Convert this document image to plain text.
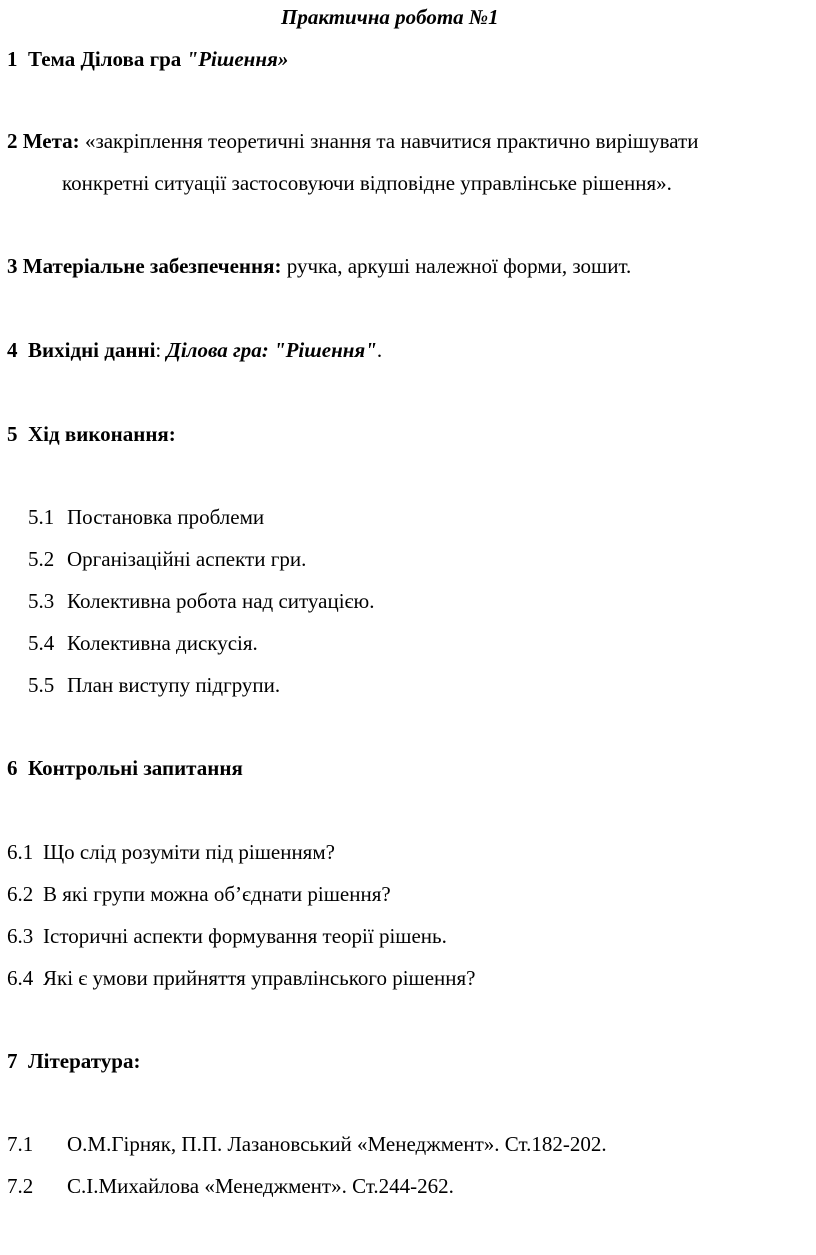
Практична робота №1
1 Тема Ділова гра "Рішення»
2 Мета: «закріплення теоретичні знання та навчитися практично вирішувати
конкретні ситуації застосовуючи відповідне управлінське рішення».
3 Матеріальне забезпечення: ручка, аркуші належної форми, зошит.
4 Вихідні данні: Ділова гра: "Рішення".
5 Хід виконання:
5.1 Постановка проблеми
5.2 Організаційні аспекти гри.
5.3 Колективна робота над ситуацією.
5.4 Колективна дискусія.
5.5 План виступу підгрупи.
6 Контрольні запитання
6.1 Що слід розуміти під рішенням?
6.2 В які групи можна об’єднати рішення?
6.3 Історичні аспекти формування теорії рішень.
6.4 Які є умови прийняття управлінського рішення?
7 Література:
7.1 О.М.Гірняк, П.П. Лазановський «Менеджмент». Ст.182-202.
7.2 С.І.Михайлова «Менеджмент». Ст.244-262.
